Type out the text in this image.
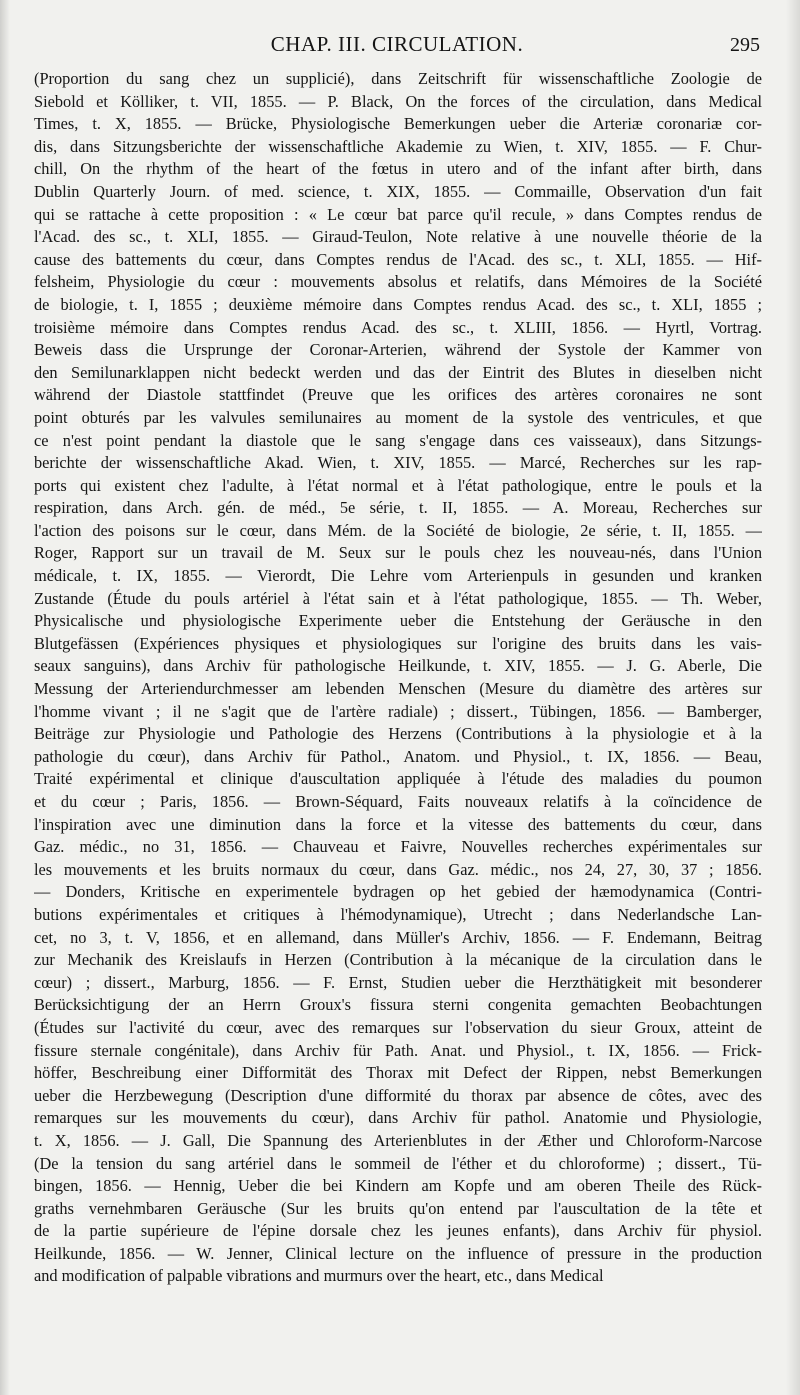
CHAP. III. CIRCULATION.	295
(Proportion du sang chez un supplicié), dans Zeitschrift für wissenschaftliche Zoologie de
Siebold et Kölliker, t. VII, 1855. — P. Black, On the forces of the circulation, dans Medical
Times, t. X, 1855. — Brücke, Physiologische Bemerkungen ueber die Arteriæ coronariæ cor-
dis, dans Sitzungsberichte der wissenschaftliche Akademie zu Wien, t. XIV, 1855. — F. Chur-
chill, On the rhythm of the heart of the fœtus in utero and of the infant after birth, dans
Dublin Quarterly Journ. of med. science, t. XIX, 1855. — Commaille, Observation d'un fait
qui se rattache à cette proposition : « Le cœur bat parce qu'il recule, » dans Comptes rendus de
l'Acad. des sc., t. XLI, 1855. — Giraud-Teulon, Note relative à une nouvelle théorie de la
cause des battements du cœur, dans Comptes rendus de l'Acad. des sc., t. XLI, 1855. — Hif-
felsheim, Physiologie du cœur : mouvements absolus et relatifs, dans Mémoires de la Société
de biologie, t. I, 1855 ; deuxième mémoire dans Comptes rendus Acad. des sc., t. XLI, 1855 ;
troisième mémoire dans Comptes rendus Acad. des sc., t. XLIII, 1856. — Hyrtl, Vortrag.
Beweis dass die Ursprunge der Coronar-Arterien, während der Systole der Kammer von
den Semilunarklappen nicht bedeckt werden und das der Eintrit des Blutes in dieselben nicht
während der Diastole stattfindet (Preuve que les orifices des artères coronaires ne sont
point obturés par les valvules semilunaires au moment de la systole des ventricules, et que
ce n'est point pendant la diastole que le sang s'engage dans ces vaisseaux), dans Sitzungs-
berichte der wissenschaftliche Akad. Wien, t. XIV, 1855. — Marcé, Recherches sur les rap-
ports qui existent chez l'adulte, à l'état normal et à l'état pathologique, entre le pouls et la
respiration, dans Arch. gén. de méd., 5e série, t. II, 1855. — A. Moreau, Recherches sur
l'action des poisons sur le cœur, dans Mém. de la Société de biologie, 2e série, t. II, 1855. —
Roger, Rapport sur un travail de M. Seux sur le pouls chez les nouveau-nés, dans l'Union
médicale, t. IX, 1855. — Vierordt, Die Lehre vom Arterienpuls in gesunden und kranken
Zustande (Étude du pouls artériel à l'état sain et à l'état pathologique, 1855. — Th. Weber,
Physicalische und physiologische Experimente ueber die Entstehung der Geräusche in den
Blutgefässen (Expériences physiques et physiologiques sur l'origine des bruits dans les vais-
seaux sanguins), dans Archiv für pathologische Heilkunde, t. XIV, 1855. — J. G. Aberle, Die
Messung der Arteriendurchmesser am lebenden Menschen (Mesure du diamètre des artères sur
l'homme vivant ; il ne s'agit que de l'artère radiale) ; dissert., Tübingen, 1856. — Bamberger,
Beiträge zur Physiologie und Pathologie des Herzens (Contributions à la physiologie et à la
pathologie du cœur), dans Archiv für Pathol., Anatom. und Physiol., t. IX, 1856. — Beau,
Traité expérimental et clinique d'auscultation appliquée à l'étude des maladies du poumon
et du cœur ; Paris, 1856. — Brown-Séquard, Faits nouveaux relatifs à la coïncidence de
l'inspiration avec une diminution dans la force et la vitesse des battements du cœur, dans
Gaz. médic., no 31, 1856. — Chauveau et Faivre, Nouvelles recherches expérimentales sur
les mouvements et les bruits normaux du cœur, dans Gaz. médic., nos 24, 27, 30, 37 ; 1856.
— Donders, Kritische en experimentele bydragen op het gebied der hæmodynamica (Contri-
butions expérimentales et critiques à l'hémodynamique), Utrecht ; dans Nederlandsche Lan-
cet, no 3, t. V, 1856, et en allemand, dans Müller's Archiv, 1856. — F. Endemann, Beitrag
zur Mechanik des Kreislaufs in Herzen (Contribution à la mécanique de la circulation dans le
cœur) ; dissert., Marburg, 1856. — F. Ernst, Studien ueber die Herzthätigkeit mit besonderer
Berücksichtigung der an Herrn Groux's fissura sterni congenita gemachten Beobachtungen
(Études sur l'activité du cœur, avec des remarques sur l'observation du sieur Groux, atteint de
fissure sternale congénitale), dans Archiv für Path. Anat. und Physiol., t. IX, 1856. — Frick-
höffer, Beschreibung einer Difformität des Thorax mit Defect der Rippen, nebst Bemerkungen
ueber die Herzbewegung (Description d'une difformité du thorax par absence de côtes, avec des
remarques sur les mouvements du cœur), dans Archiv für pathol. Anatomie und Physiologie,
t. X, 1856. — J. Gall, Die Spannung des Arterienblutes in der Æther und Chloroform-Narcose
(De la tension du sang artériel dans le sommeil de l'éther et du chloroforme) ; dissert., Tü-
bingen, 1856. — Hennig, Ueber die bei Kindern am Kopfe und am oberen Theile des Rück-
graths vernehmbaren Geräusche (Sur les bruits qu'on entend par l'auscultation de la tête et
de la partie supérieure de l'épine dorsale chez les jeunes enfants), dans Archiv für physiol.
Heilkunde, 1856. — W. Jenner, Clinical lecture on the influence of pressure in the production
and modification of palpable vibrations and murmurs over the heart, etc., dans Medical
